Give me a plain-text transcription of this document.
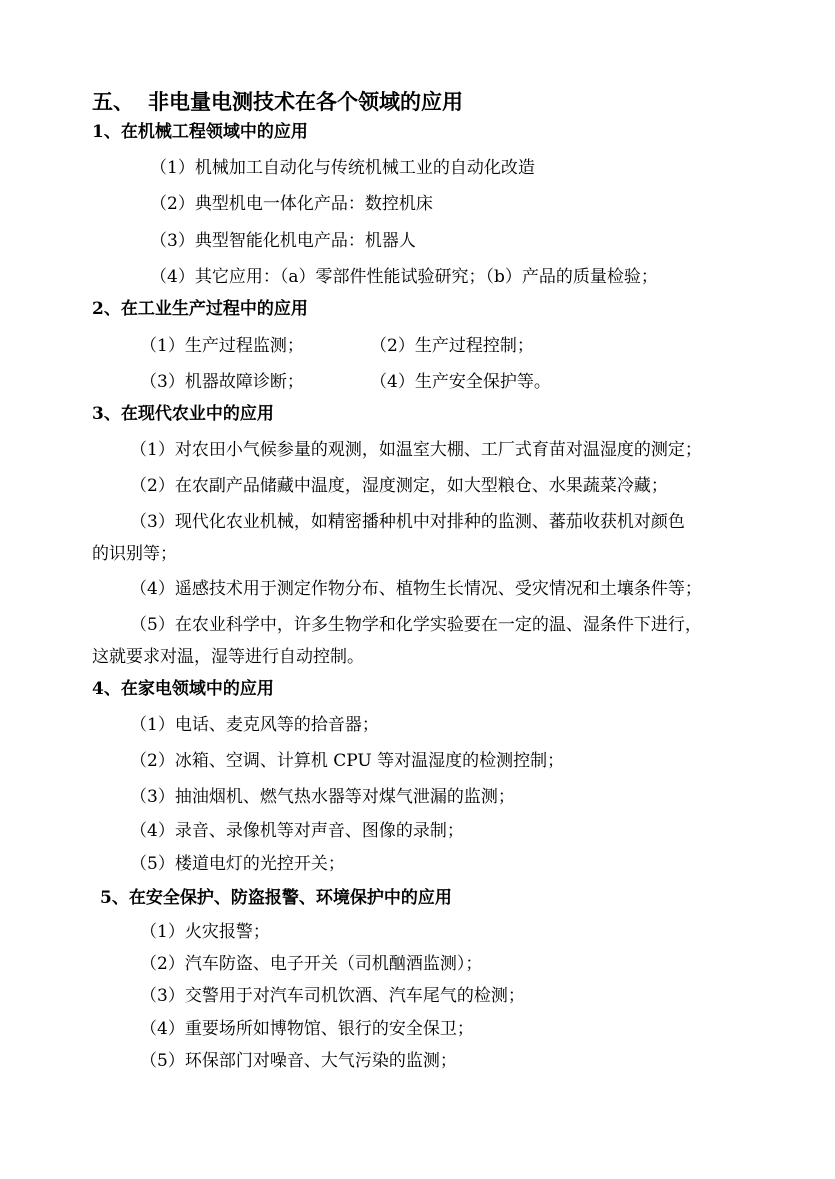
五、 非电量电测技术在各个领域的应用
1、在机械工程领域中的应用
（1）机械加工自动化与传统机械工业的自动化改造
（2）典型机电一体化产品：数控机床
（3）典型智能化机电产品：机器人
（4）其它应用：（a）零部件性能试验研究；（b）产品的质量检验；
2、在工业生产过程中的应用
（1）生产过程监测；	（2）生产过程控制；
（3）机器故障诊断；	（4）生产安全保护等。
3、在现代农业中的应用
（1）对农田小气候参量的观测，如温室大棚、工厂式育苗对温湿度的测定；
（2）在农副产品储藏中温度，湿度测定，如大型粮仓、水果蔬菜冷藏；
（3）现代化农业机械，如精密播种机中对排种的监测、蕃茄收获机对颜色
的识别等；
（4）遥感技术用于测定作物分布、植物生长情况、受灾情况和土壤条件等；
（5）在农业科学中，许多生物学和化学实验要在一定的温、湿条件下进行，
这就要求对温，湿等进行自动控制。
4、在家电领域中的应用
（1）电话、麦克风等的拾音器；
（2）冰箱、空调、计算机 CPU 等对温湿度的检测控制；
（3）抽油烟机、燃气热水器等对煤气泄漏的监测；
（4）录音、录像机等对声音、图像的录制；
（5）楼道电灯的光控开关；
5、在安全保护、防盗报警、环境保护中的应用
（1）火灾报警；
（2）汽车防盗、电子开关（司机酗酒监测）；
（3）交警用于对汽车司机饮酒、汽车尾气的检测；
（4）重要场所如博物馆、银行的安全保卫；
（5）环保部门对噪音、大气污染的监测；
